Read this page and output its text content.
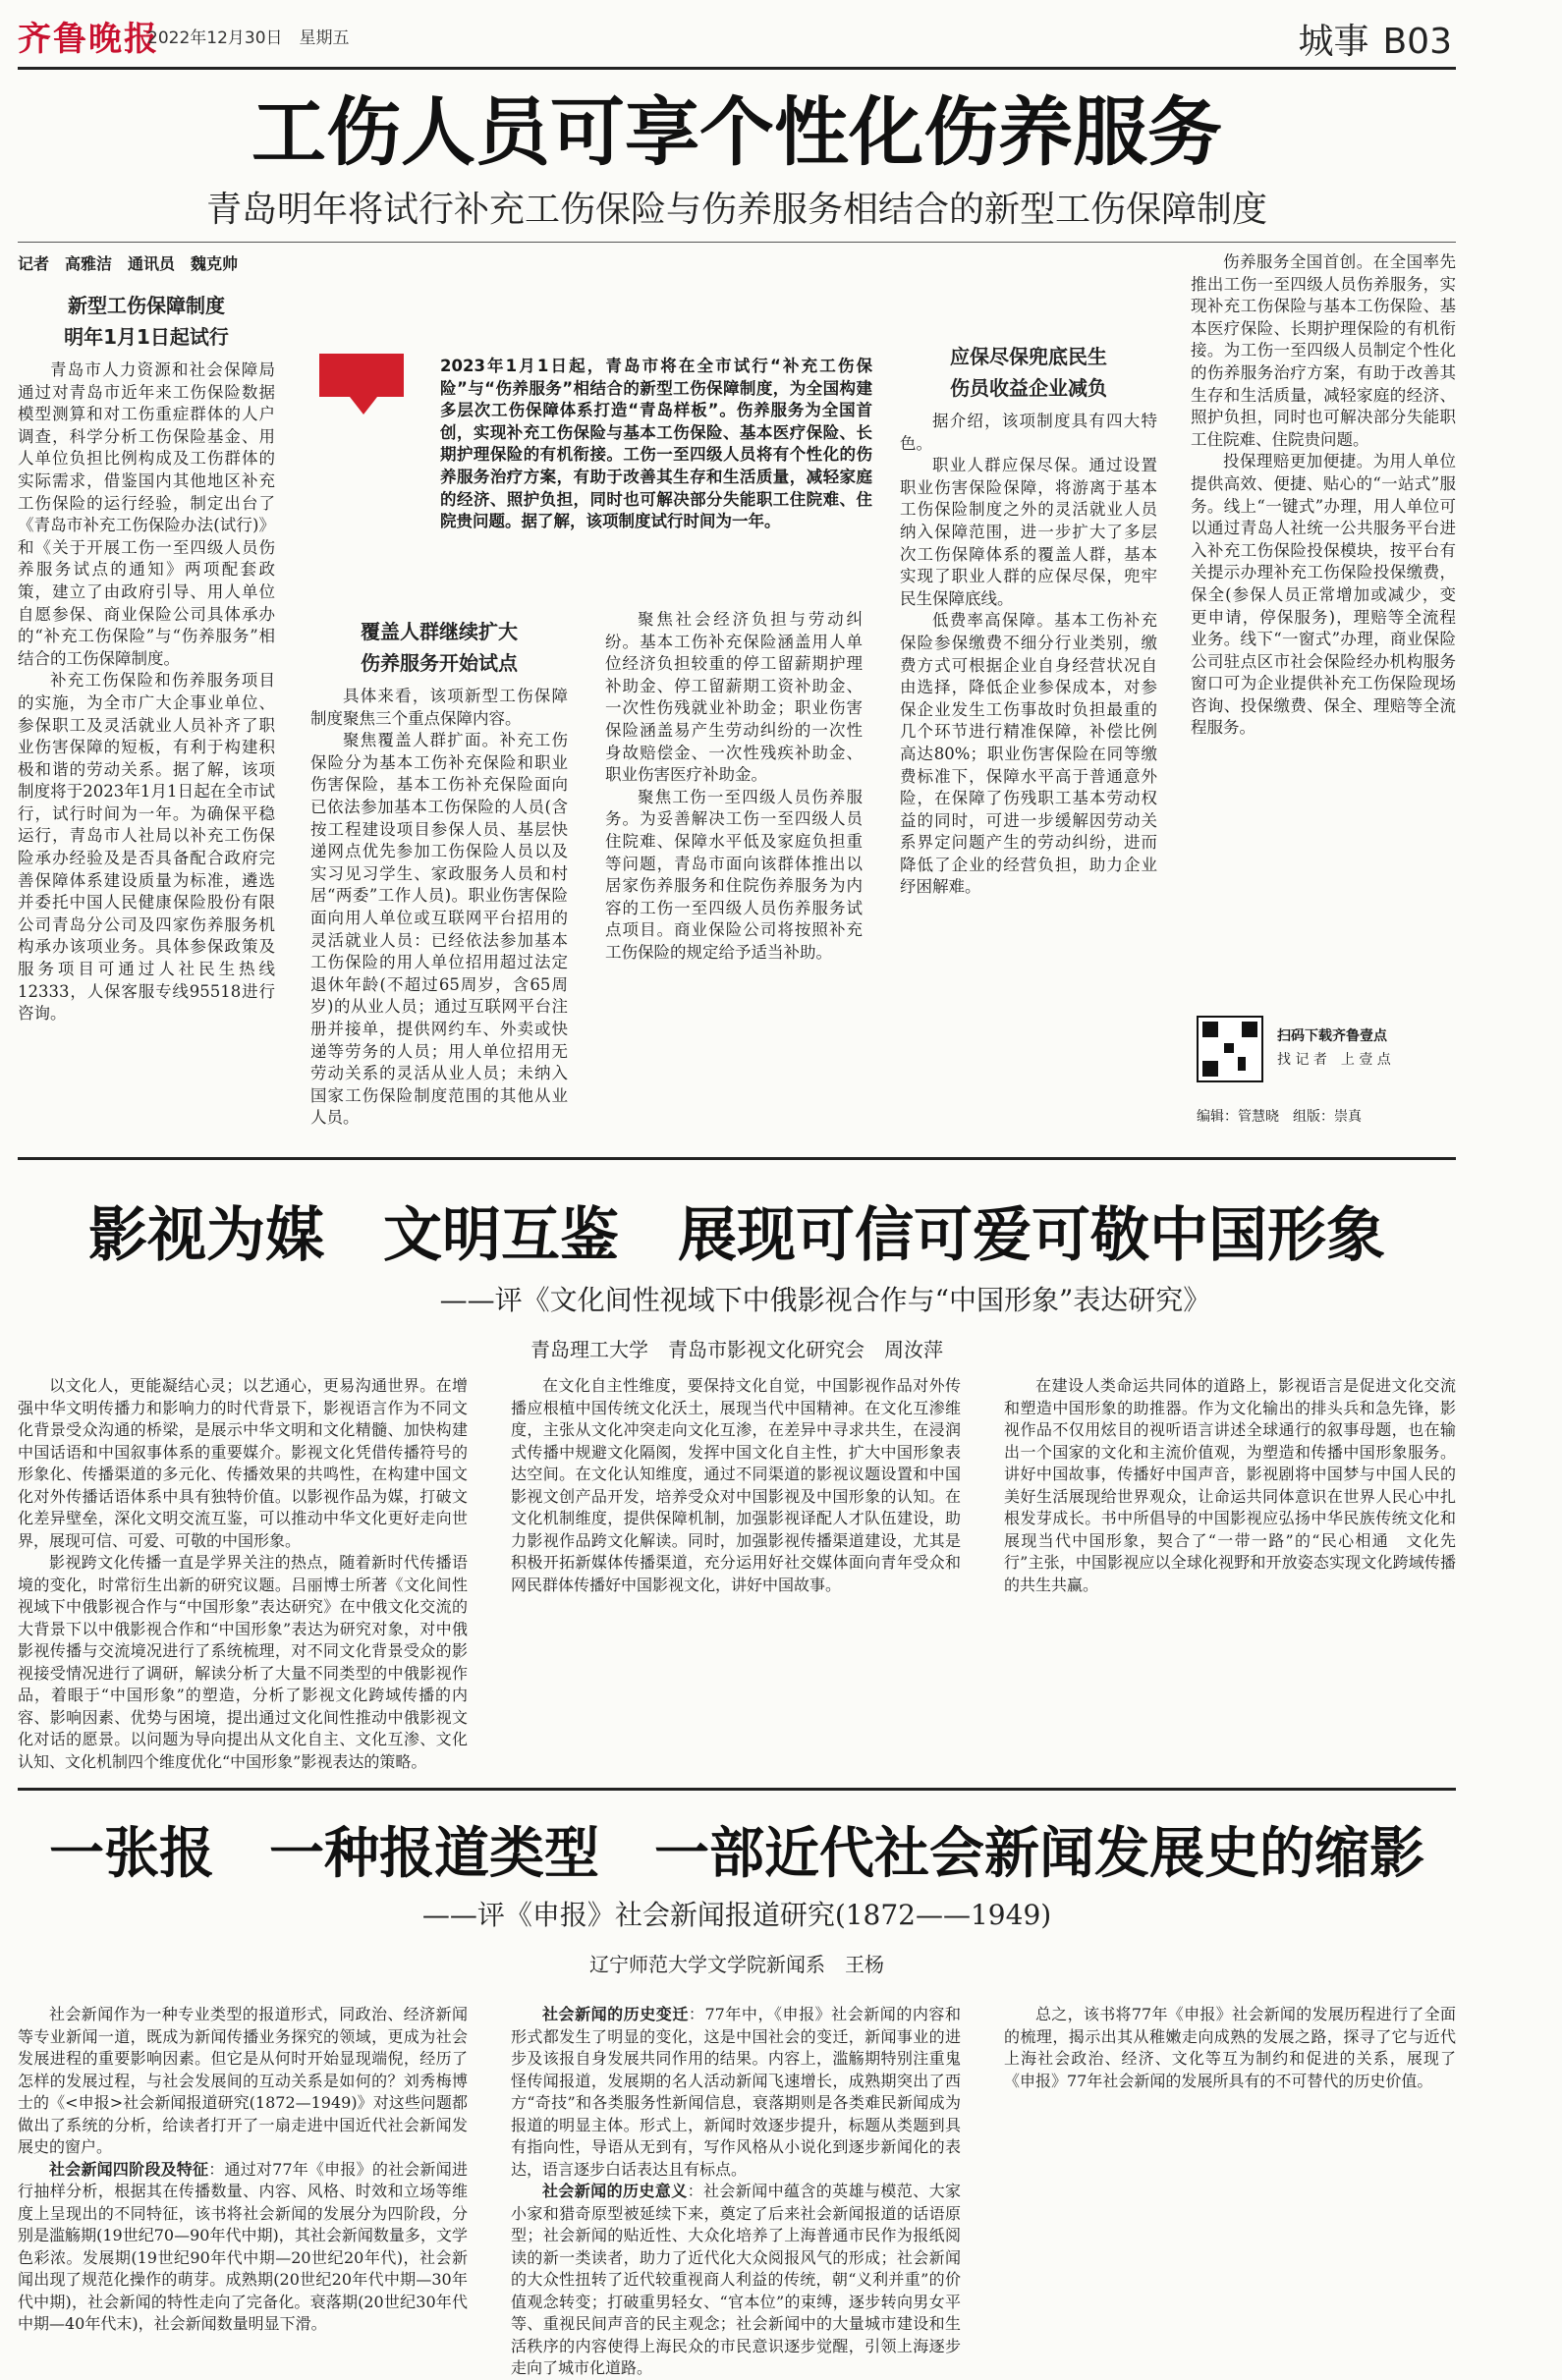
齐鲁晚报
2022年12月30日　 星期五	城事 B03
工伤人员可享个性化伤养服务
青岛明年将试行补充工伤保险与伤养服务相结合的新型工伤保障制度
记者　高雅洁　通讯员　魏克帅
新型工伤保障制度
明年1月1日起试行

青岛市人力资源和社会保障局通过对青岛市近年来工伤保险数据模型测算和对工伤重症群体的人户调查，科学分析工伤保险基金、用人单位负担比例构成及工伤群体的实际需求，借鉴国内其他地区补充工伤保险的运行经验，制定出台了《青岛市补充工伤保险办法(试行)》和《关于开展工伤一至四级人员伤养服务试点的通知》两项配套政策，建立了由政府引导、用人单位自愿参保、商业保险公司具体承办的“补充工伤保险”与“伤养服务”相结合的工伤保障制度。

补充工伤保险和伤养服务项目的实施，为全市广大企事业单位、参保职工及灵活就业人员补齐了职业伤害保障的短板，有利于构建积极和谐的劳动关系。据了解，该项制度将于2023年1月1日起在全市试行，试行时间为一年。为确保平稳运行，青岛市人社局以补充工伤保险承办经验及是否具备配合政府完善保障体系建设质量为标准，遴选并委托中国人民健康保险股份有限公司青岛分公司及四家伤养服务机构承办该项业务。具体参保政策及服务项目可通过人社民生热线12333，人保客服专线95518进行咨询。

2023年1月1日起，青岛市将在全市试行“补充工伤保险”与“伤养服务”相结合的新型工伤保障制度，为全国构建多层次工伤保障体系打造“青岛样板”。伤养服务为全国首创，实现补充工伤保险与基本工伤保险、基本医疗保险、长期护理保险的有机衔接。工伤一至四级人员将有个性化的伤养服务治疗方案，有助于改善其生存和生活质量，减轻家庭的经济、照护负担，同时也可解决部分失能职工住院难、住院贵问题。据了解，该项制度试行时间为一年。

覆盖人群继续扩大
伤养服务开始试点

具体来看，该项新型工伤保障制度聚焦三个重点保障内容。

聚焦覆盖人群扩面。补充工伤保险分为基本工伤补充保险和职业伤害保险，基本工伤补充保险面向已依法参加基本工伤保险的人员(含按工程建设项目参保人员、基层快递网点优先参加工伤保险人员以及实习见习学生、家政服务人员和村居“两委”工作人员)。职业伤害保险面向用人单位或互联网平台招用的灵活就业人员：已经依法参加基本工伤保险的用人单位招用超过法定退休年龄(不超过65周岁，含65周岁)的从业人员；通过互联网平台注册并接单，提供网约车、外卖或快递等劳务的人员；用人单位招用无劳动关系的灵活从业人员；未纳入国家工伤保险制度范围的其他从业人员。

聚焦社会经济负担与劳动纠纷。基本工伤补充保险涵盖用人单位经济负担较重的停工留薪期护理补助金、停工留薪期工资补助金、一次性伤残就业补助金；职业伤害保险涵盖易产生劳动纠纷的一次性身故赔偿金、一次性残疾补助金、职业伤害医疗补助金。

聚焦工伤一至四级人员伤养服务。为妥善解决工伤一至四级人员住院难、保障水平低及家庭负担重等问题，青岛市面向该群体推出以居家伤养服务和住院伤养服务为内容的工伤一至四级人员伤养服务试点项目。商业保险公司将按照补充工伤保险的规定给予适当补助。

应保尽保兜底民生
伤员收益企业减负

据介绍，该项制度具有四大特色。

职业人群应保尽保。通过设置职业伤害保险保障，将游离于基本工伤保险制度之外的灵活就业人员纳入保障范围，进一步扩大了多层次工伤保障体系的覆盖人群，基本实现了职业人群的应保尽保，兜牢民生保障底线。

低费率高保障。基本工伤补充保险参保缴费不细分行业类别，缴费方式可根据企业自身经营状况自由选择，降低企业参保成本，对参保企业发生工伤事故时负担最重的几个环节进行精准保障，补偿比例高达80%；职业伤害保险在同等缴费标准下，保障水平高于普通意外险，在保障了伤残职工基本劳动权益的同时，可进一步缓解因劳动关系界定问题产生的劳动纠纷，进而降低了企业的经营负担，助力企业纾困解难。

伤养服务全国首创。在全国率先推出工伤一至四级人员伤养服务，实现补充工伤保险与基本工伤保险、基本医疗保险、长期护理保险的有机衔接。为工伤一至四级人员制定个性化的伤养服务治疗方案，有助于改善其生存和生活质量，减轻家庭的经济、照护负担，同时也可解决部分失能职工住院难、住院贵问题。

投保理赔更加便捷。为用人单位提供高效、便捷、贴心的“一站式”服务。线上“一键式”办理，用人单位可以通过青岛人社统一公共服务平台进入补充工伤保险投保模块，按平台有关提示办理补充工伤保险投保缴费，保全(参保人员正常增加或减少，变更申请，停保服务)，理赔等全流程业务。线下“一窗式”办理，商业保险公司驻点区市社会保险经办机构服务窗口可为企业提供补充工伤保险现场咨询、投保缴费、保全、理赔等全流程服务。

扫码下载齐鲁壹点
找 记 者　上 壹 点
编辑：管慧晓　组版：崇真
影视为媒　文明互鉴　展现可信可爱可敬中国形象
——评《文化间性视域下中俄影视合作与“中国形象”表达研究》
青岛理工大学　青岛市影视文化研究会　周汝萍

以文化人，更能凝结心灵；以艺通心，更易沟通世界。在增强中华文明传播力和影响力的时代背景下，影视语言作为不同文化背景受众沟通的桥梁，是展示中华文明和文化精髓、加快构建中国话语和中国叙事体系的重要媒介。影视文化凭借传播符号的形象化、传播渠道的多元化、传播效果的共鸣性，在构建中国文化对外传播话语体系中具有独特价值。以影视作品为媒，打破文化差异壁垒，深化文明交流互鉴，可以推动中华文化更好走向世界，展现可信、可爱、可敬的中国形象。

影视跨文化传播一直是学界关注的热点，随着新时代传播语境的变化，时常衍生出新的研究议题。吕丽博士所著《文化间性视域下中俄影视合作与“中国形象”表达研究》在中俄文化交流的大背景下以中俄影视合作和“中国形象”表达为研究对象，对中俄影视传播与交流境况进行了系统梳理，对不同文化背景受众的影视接受情况进行了调研，解读分析了大量不同类型的中俄影视作品，着眼于“中国形象”的塑造，分析了影视文化跨域传播的内容、影响因素、优势与困境，提出通过文化间性推动中俄影视文化对话的愿景。以问题为导向提出从文化自主、文化互渗、文化认知、文化机制四个维度优化“中国形象”影视表达的策略。

在文化自主性维度，要保持文化自觉，中国影视作品对外传播应根植中国传统文化沃土，展现当代中国精神。在文化互渗维度，主张从文化冲突走向文化互渗，在差异中寻求共生，在浸润式传播中规避文化隔阂，发挥中国文化自主性，扩大中国形象表达空间。在文化认知维度，通过不同渠道的影视议题设置和中国影视文创产品开发，培养受众对中国影视及中国形象的认知。在文化机制维度，提供保障机制，加强影视译配人才队伍建设，助力影视作品跨文化解读。同时，加强影视传播渠道建设，尤其是积极开拓新媒体传播渠道，充分运用好社交媒体面向青年受众和网民群体传播好中国影视文化，讲好中国故事。

在建设人类命运共同体的道路上，影视语言是促进文化交流和塑造中国形象的助推器。作为文化输出的排头兵和急先锋，影视作品不仅用炫目的视听语言讲述全球通行的叙事母题，也在输出一个国家的文化和主流价值观，为塑造和传播中国形象服务。讲好中国故事，传播好中国声音，影视剧将中国梦与中国人民的美好生活展现给世界观众，让命运共同体意识在世界人民心中扎根发芽成长。书中所倡导的中国影视应弘扬中华民族传统文化和展现当代中国形象，契合了“一带一路”的“民心相通　文化先行”主张，中国影视应以全球化视野和开放姿态实现文化跨域传播的共生共赢。

一张报　一种报道类型　一部近代社会新闻发展史的缩影
——评《申报》社会新闻报道研究(1872——1949)
辽宁师范大学文学院新闻系　王杨

社会新闻作为一种专业类型的报道形式，同政治、经济新闻等专业新闻一道，既成为新闻传播业务探究的领域，更成为社会发展进程的重要影响因素。但它是从何时开始显现端倪，经历了怎样的发展过程，与社会发展间的互动关系是如何的？刘秀梅博士的《<申报>社会新闻报道研究(1872—1949)》对这些问题都做出了系统的分析，给读者打开了一扇走进中国近代社会新闻发展史的窗户。

社会新闻四阶段及特征：通过对77年《申报》的社会新闻进行抽样分析，根据其在传播数量、内容、风格、时效和立场等维度上呈现出的不同特征，该书将社会新闻的发展分为四阶段，分别是滥觞期(19世纪70—90年代中期)，其社会新闻数量多，文学色彩浓。发展期(19世纪90年代中期—20世纪20年代)，社会新闻出现了规范化操作的萌芽。成熟期(20世纪20年代中期—30年代中期)，社会新闻的特性走向了完备化。衰落期(20世纪30年代中期—40年代末)，社会新闻数量明显下滑。

社会新闻的历史变迁：77年中，《申报》社会新闻的内容和形式都发生了明显的变化，这是中国社会的变迁，新闻事业的进步及该报自身发展共同作用的结果。内容上，滥觞期特别注重鬼怪传闻报道，发展期的名人活动新闻飞速增长，成熟期突出了西方“奇技”和各类服务性新闻信息，衰落期则是各类难民新闻成为报道的明显主体。形式上，新闻时效逐步提升，标题从类题到具有指向性，导语从无到有，写作风格从小说化到逐步新闻化的表达，语言逐步白话表达且有标点。

社会新闻的历史意义：社会新闻中蕴含的英雄与模范、大家小家和猎奇原型被延续下来，奠定了后来社会新闻报道的话语原型；社会新闻的贴近性、大众化培养了上海普通市民作为报纸阅读的新一类读者，助力了近代化大众阅报风气的形成；社会新闻的大众性扭转了近代较重视商人利益的传统，朝“义利并重”的价值观念转变；打破重男轻女、“官本位”的束缚，逐步转向男女平等、重视民间声音的民主观念；社会新闻中的大量城市建设和生活秩序的内容使得上海民众的市民意识逐步觉醒，引领上海逐步走向了城市化道路。

总之，该书将77年《申报》社会新闻的发展历程进行了全面的梳理，揭示出其从稚嫩走向成熟的发展之路，探寻了它与近代上海社会政治、经济、文化等互为制约和促进的关系，展现了《申报》77年社会新闻的发展所具有的不可替代的历史价值。
